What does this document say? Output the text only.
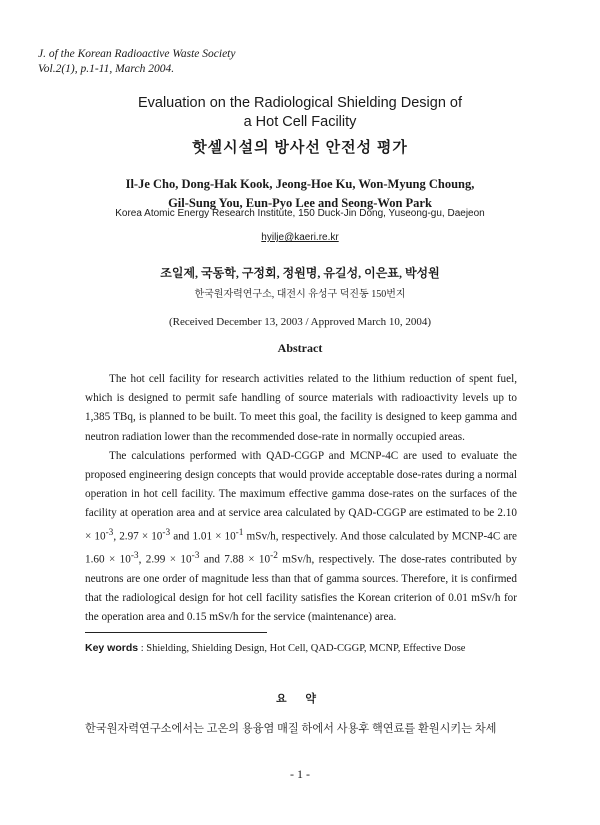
J. of the Korean Radioactive Waste Society
Vol.2(1), p.1-11, March 2004.
Evaluation on the Radiological Shielding Design of
a Hot Cell Facility
핫셀시설의 방사선 안전성 평가
Il-Je Cho, Dong-Hak Kook, Jeong-Hoe Ku, Won-Myung Choung,
Gil-Sung You, Eun-Pyo Lee and Seong-Won Park
Korea Atomic Energy Research Institute, 150 Duck-Jin Dong, Yuseong-gu, Daejeon
hyilje@kaeri.re.kr
조일제, 국동학, 구정회, 정원명, 유길성, 이은표, 박성원
한국원자력연구소, 대전시 유성구 덕진동 150번지
(Received December 13, 2003 / Approved March 10, 2004)
Abstract

The hot cell facility for research activities related to the lithium reduction of spent fuel, which is designed to permit safe handling of source materials with radioactivity levels up to 1,385 TBq, is planned to be built. To meet this goal, the facility is designed to keep gamma and neutron radiation lower than the recommended dose-rate in normally occupied areas.

The calculations performed with QAD-CGGP and MCNP-4C are used to evaluate the proposed engineering design concepts that would provide acceptable dose-rates during a normal operation in hot cell facility. The maximum effective gamma dose-rates on the surfaces of the facility at operation area and at service area calculated by QAD-CGGP are estimated to be $2.10 \times 10^{-3}$, $2.97 \times 10^{-3}$ and $1.01 \times 10^{-1}$ mSv/h, respectively. And those calculated by MCNP-4C are $1.60 \times 10^{-3}$, $2.99 \times 10^{-3}$ and $7.88 \times 10^{-2}$ mSv/h, respectively. The dose-rates contributed by neutrons are one order of magnitude less than that of gamma sources. Therefore, it is confirmed that the radiological design for hot cell facility satisfies the Korean criterion of 0.01 mSv/h for the operation area and 0.15 mSv/h for the service (maintenance) area.

Key words : Shielding, Shielding Design, Hot Cell, QAD-CGGP, MCNP, Effective Dose
요 약
한국원자력연구소에서는 고온의 용융염 매질 하에서 사용후 핵연료를 환원시키는 차세
- 1 -
